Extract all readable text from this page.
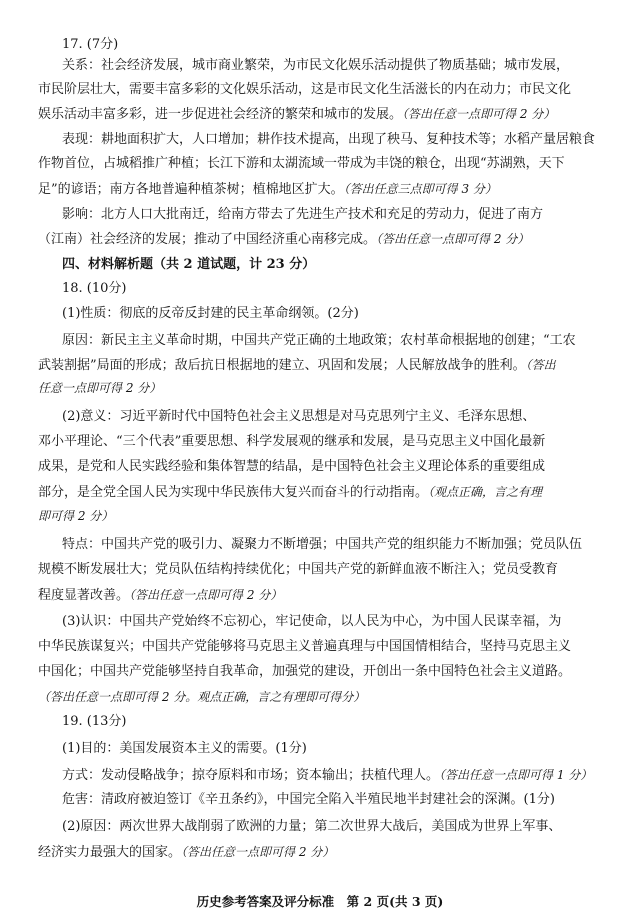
17. (7分)
关系：社会经济发展，城市商业繁荣，为市民文化娱乐活动提供了物质基础；城市发展，
市民阶层壮大，需要丰富多彩的文化娱乐活动，这是市民文化生活滋长的内在动力；市民文化
娱乐活动丰富多彩，进一步促进社会经济的繁荣和城市的发展。（答出任意一点即可得 2 分）
表现：耕地面积扩大，人口增加；耕作技术提高，出现了秧马、复种技术等；水稻产量居粮食
作物首位，占城稻推广种植；长江下游和太湖流域一带成为丰饶的粮仓，出现“苏湖熟，天下
足”的谚语；南方各地普遍种植茶树；植棉地区扩大。（答出任意三点即可得 3 分）
影响：北方人口大批南迁，给南方带去了先进生产技术和充足的劳动力，促进了南方
（江南）社会经济的发展；推动了中国经济重心南移完成。（答出任意一点即可得 2 分）
四、材料解析题（共 2 道试题，计 23 分）
18. (10分)
(1)性质：彻底的反帝反封建的民主革命纲领。(2分)
原因：新民主主义革命时期，中国共产党正确的土地政策；农村革命根据地的创建；“工农
武装割据”局面的形成；敌后抗日根据地的建立、巩固和发展；人民解放战争的胜利。（答出
任意一点即可得 2 分）
(2)意义：习近平新时代中国特色社会主义思想是对马克思列宁主义、毛泽东思想、
邓小平理论、“三个代表”重要思想、科学发展观的继承和发展，是马克思主义中国化最新
成果，是党和人民实践经验和集体智慧的结晶，是中国特色社会主义理论体系的重要组成
部分，是全党全国人民为实现中华民族伟大复兴而奋斗的行动指南。（观点正确，言之有理
即可得 2 分）
特点：中国共产党的吸引力、凝聚力不断增强；中国共产党的组织能力不断加强；党员队伍
规模不断发展壮大；党员队伍结构持续优化；中国共产党的新鲜血液不断注入；党员受教育
程度显著改善。（答出任意一点即可得 2 分）
(3)认识：中国共产党始终不忘初心，牢记使命，以人民为中心，为中国人民谋幸福，为
中华民族谋复兴；中国共产党能够将马克思主义普遍真理与中国国情相结合，坚持马克思主义
中国化；中国共产党能够坚持自我革命，加强党的建设，开创出一条中国特色社会主义道路。
（答出任意一点即可得 2 分。观点正确，言之有理即可得分）
19. (13分)
(1)目的：美国发展资本主义的需要。(1分)
方式：发动侵略战争；掠夺原料和市场；资本输出；扶植代理人。（答出任意一点即可得 1 分）
危害：清政府被迫签订《辛丑条约》，中国完全陷入半殖民地半封建社会的深渊。(1分)
(2)原因：两次世界大战削弱了欧洲的力量；第二次世界大战后，美国成为世界上军事、
经济实力最强大的国家。（答出任意一点即可得 2 分）
历史参考答案及评分标准　第 2 页(共 3 页)
